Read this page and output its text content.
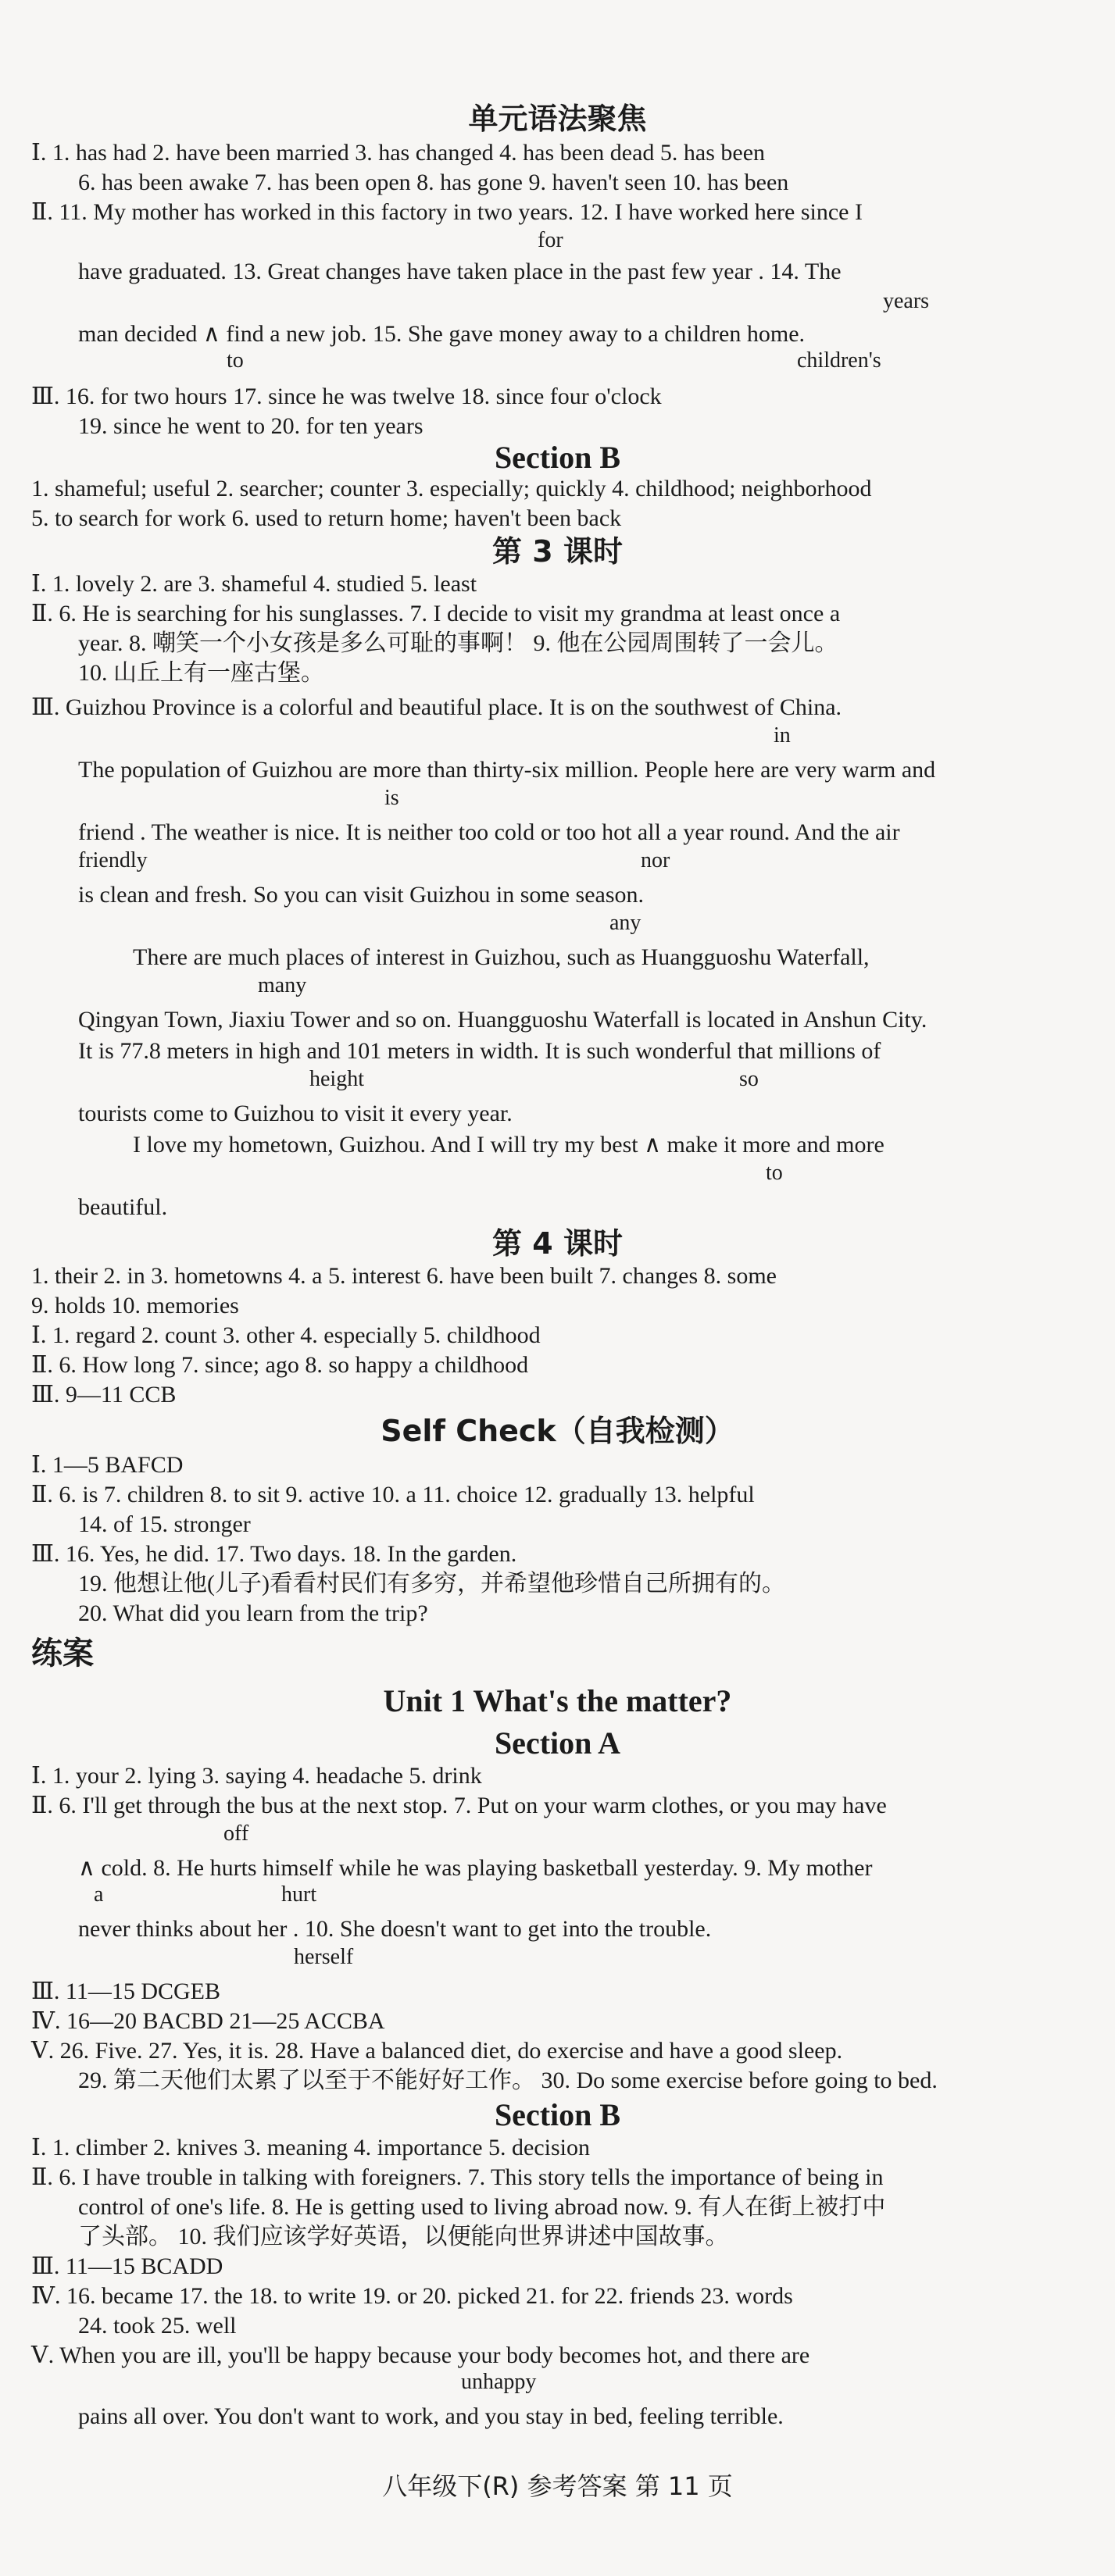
单元语法聚焦
Ⅰ. 1. has had 2. have been married 3. has changed 4. has been dead 5. has been
6. has been awake 7. has been open 8. has gone 9. haven't seen 10. has been
Ⅱ. 11. My mother has worked in this factory in two years. 12. I have worked here since I
for
have graduated. 13. Great changes have taken place in the past few year . 14. The
years
man decided ∧ find a new job. 15. She gave money away to a children home.
to	children's
Ⅲ. 16. for two hours 17. since he was twelve 18. since four o'clock
19. since he went to 20. for ten years
Section B
1. shameful; useful 2. searcher; counter 3. especially; quickly 4. childhood; neighborhood
5. to search for work 6. used to return home; haven't been back
第 3 课时
Ⅰ. 1. lovely 2. are 3. shameful 4. studied 5. least
Ⅱ. 6. He is searching for his sunglasses. 7. I decide to visit my grandma at least once a
year. 8. 嘲笑一个小女孩是多么可耻的事啊！ 9. 他在公园周围转了一会儿。
10. 山丘上有一座古堡。
Ⅲ. Guizhou Province is a colorful and beautiful place. It is on the southwest of China.
in
The population of Guizhou are more than thirty-six million. People here are very warm and
is
friend . The weather is nice. It is neither too cold or too hot all a year round. And the air
friendly	nor
is clean and fresh. So you can visit Guizhou in some season.
any
There are much places of interest in Guizhou, such as Huangguoshu Waterfall,
many
Qingyan Town, Jiaxiu Tower and so on. Huangguoshu Waterfall is located in Anshun City.
It is 77.8 meters in high and 101 meters in width. It is such wonderful that millions of
height	so
tourists come to Guizhou to visit it every year.
I love my hometown, Guizhou. And I will try my best ∧ make it more and more
to
beautiful.
第 4 课时
1. their 2. in 3. hometowns 4. a 5. interest 6. have been built 7. changes 8. some
9. holds 10. memories
Ⅰ. 1. regard 2. count 3. other 4. especially 5. childhood
Ⅱ. 6. How long 7. since; ago 8. so happy a childhood
Ⅲ. 9—11 CCB
Self Check（自我检测）
Ⅰ. 1—5 BAFCD
Ⅱ. 6. is 7. children 8. to sit 9. active 10. a 11. choice 12. gradually 13. helpful
14. of 15. stronger
Ⅲ. 16. Yes, he did. 17. Two days. 18. In the garden.
19. 他想让他(儿子)看看村民们有多穷，并希望他珍惜自己所拥有的。
20. What did you learn from the trip?
练案
Unit 1 What's the matter?
Section A
Ⅰ. 1. your 2. lying 3. saying 4. headache 5. drink
Ⅱ. 6. I'll get through the bus at the next stop. 7. Put on your warm clothes, or you may have
off
∧ cold. 8. He hurts himself while he was playing basketball yesterday. 9. My mother
a	hurt
never thinks about her . 10. She doesn't want to get into the trouble.
herself
Ⅲ. 11—15 DCGEB
Ⅳ. 16—20 BACBD 21—25 ACCBA
Ⅴ. 26. Five. 27. Yes, it is. 28. Have a balanced diet, do exercise and have a good sleep.
29. 第二天他们太累了以至于不能好好工作。 30. Do some exercise before going to bed.
Section B
Ⅰ. 1. climber 2. knives 3. meaning 4. importance 5. decision
Ⅱ. 6. I have trouble in talking with foreigners. 7. This story tells the importance of being in
control of one's life. 8. He is getting used to living abroad now. 9. 有人在街上被打中
了头部。 10. 我们应该学好英语，以便能向世界讲述中国故事。
Ⅲ. 11—15 BCADD
Ⅳ. 16. became 17. the 18. to write 19. or 20. picked 21. for 22. friends 23. words
24. took 25. well
Ⅴ. When you are ill, you'll be happy because your body becomes hot, and there are
unhappy
pains all over. You don't want to work, and you stay in bed, feeling terrible.
八年级下(R) 参考答案 第 11 页
